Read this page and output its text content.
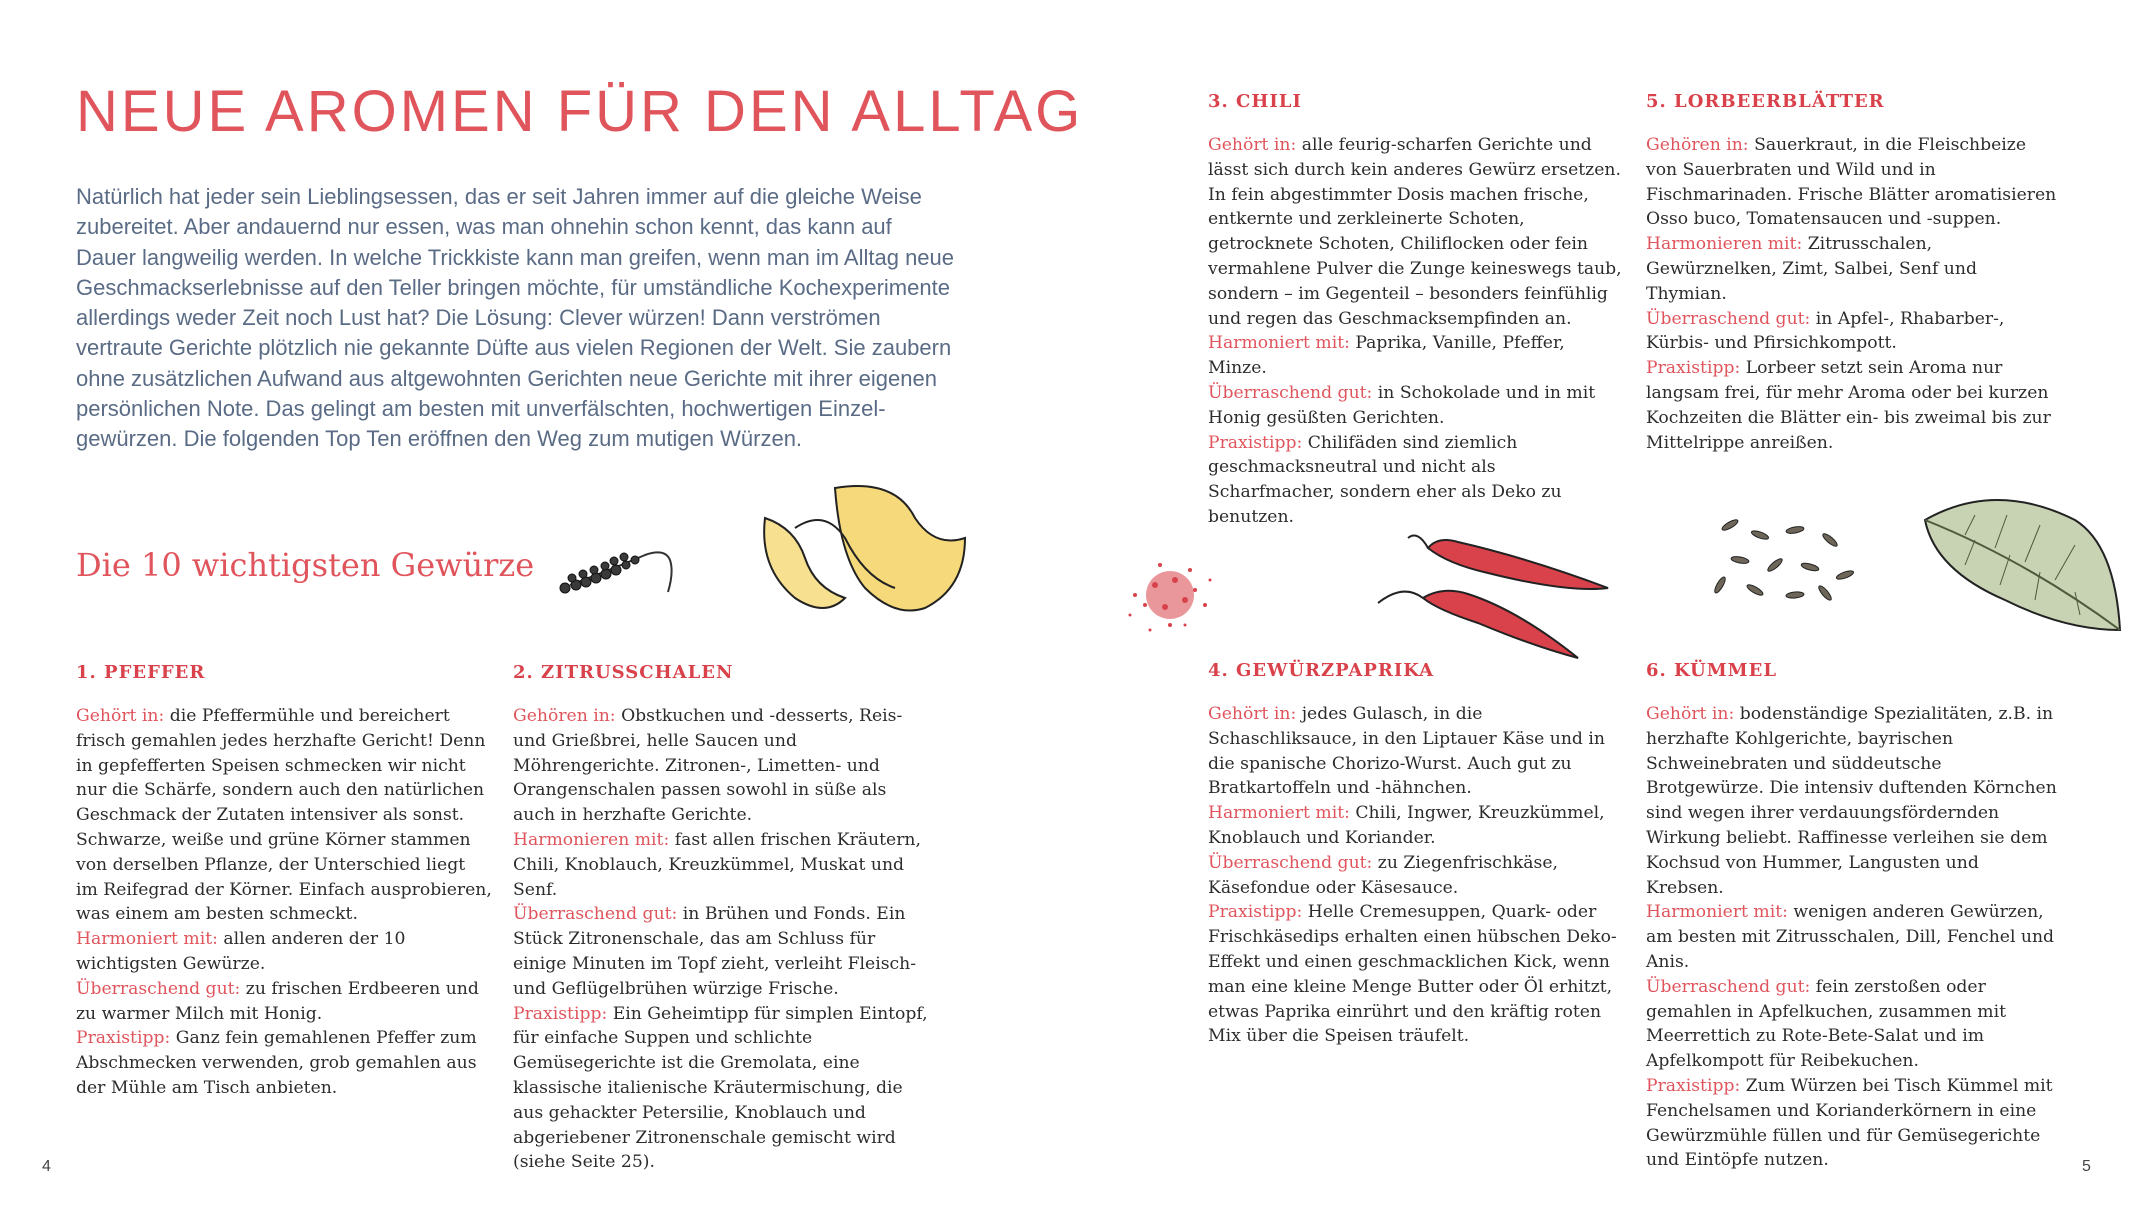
NEUE AROMEN FÜR DEN ALLTAG

Natürlich hat jeder sein Lieblingsessen, das er seit Jahren immer auf die gleiche Weise zubereitet. Aber andauernd nur essen, was man ohnehin schon kennt, das kann auf Dauer langweilig werden. In welche Trickkiste kann man greifen, wenn man im Alltag neue Geschmackserlebnisse auf den Teller bringen möchte, für umständliche Kochexperimente allerdings weder Zeit noch Lust hat? Die Lösung: Clever würzen! Dann verströmen vertraute Gerichte plötzlich nie gekannte Düfte aus vielen Regionen der Welt. Sie zaubern ohne zusätzlichen Aufwand aus altgewohnten Gerichten neue Gerichte mit ihrer eigenen persönlichen Note. Das gelingt am besten mit unverfälschten, hochwertigen Einzelgewürzen. Die folgenden Top Ten eröffnen den Weg zum mutigen Würzen.

Die 10 wichtigsten Gewürze
1. PFEFFER

Gehört in: die Pfeffermühle und bereichert frisch gemahlen jedes herzhafte Gericht! Denn in gepfefferten Speisen schmecken wir nicht nur die Schärfe, sondern auch den natürlichen Geschmack der Zutaten intensiver als sonst. Schwarze, weiße und grüne Körner stammen von derselben Pflanze, der Unterschied liegt im Reifegrad der Körner. Einfach ausprobieren, was einem am besten schmeckt.
Harmoniert mit: allen anderen der 10 wichtigsten Gewürze.
Überraschend gut: zu frischen Erdbeeren und zu warmer Milch mit Honig.
Praxistipp: Ganz fein gemahlenen Pfeffer zum Abschmecken verwenden, grob gemahlen aus der Mühle am Tisch anbieten.

2. ZITRUSSCHALEN

Gehören in: Obstkuchen und -desserts, Reis- und Grießbrei, helle Saucen und Möhrengerichte. Zitronen-, Limetten- und Orangenschalen passen sowohl in süße als auch in herzhafte Gerichte.
Harmonieren mit: fast allen frischen Kräutern, Chili, Knoblauch, Kreuzkümmel, Muskat und Senf.
Überraschend gut: in Brühen und Fonds. Ein Stück Zitronenschale, das am Schluss für einige Minuten im Topf zieht, verleiht Fleisch- und Geflügelbrühen würzige Frische.
Praxistipp: Ein Geheimtipp für simplen Eintopf, für einfache Suppen und schlichte Gemüsegerichte ist die Gremolata, eine klassische italienische Kräutermischung, die aus gehackter Petersilie, Knoblauch und abgeriebener Zitronenschale gemischt wird (siehe Seite 25).

3. CHILI

Gehört in: alle feurig-scharfen Gerichte und lässt sich durch kein anderes Gewürz ersetzen. In fein abgestimmter Dosis machen frische, entkernte und zerkleinerte Schoten, getrocknete Schoten, Chiliflocken oder fein vermahlene Pulver die Zunge keineswegs taub, sondern – im Gegenteil – besonders feinfühlig und regen das Geschmacksempfinden an.
Harmoniert mit: Paprika, Vanille, Pfeffer, Minze.
Überraschend gut: in Schokolade und in mit Honig gesüßten Gerichten.
Praxistipp: Chilifäden sind ziemlich geschmacksneutral und nicht als Scharfmacher, sondern eher als Deko zu benutzen.

4. GEWÜRZPAPRIKA

Gehört in: jedes Gulasch, in die Schaschliksauce, in den Liptauer Käse und in die spanische Chorizo-Wurst. Auch gut zu Bratkartoffeln und -hähnchen.
Harmoniert mit: Chili, Ingwer, Kreuzkümmel, Knoblauch und Koriander.
Überraschend gut: zu Ziegenfrischkäse, Käsefondue oder Käsesauce.
Praxistipp: Helle Cremesuppen, Quark- oder Frischkäsedips erhalten einen hübschen Deko-Effekt und einen geschmacklichen Kick, wenn man eine kleine Menge Butter oder Öl erhitzt, etwas Paprika einrührt und den kräftig roten Mix über die Speisen träufelt.

5. LORBEERBLÄTTER

Gehören in: Sauerkraut, in die Fleischbeize von Sauerbraten und Wild und in Fischmarinaden. Frische Blätter aromatisieren Osso buco, Tomatensaucen und -suppen.
Harmonieren mit: Zitrusschalen, Gewürznelken, Zimt, Salbei, Senf und Thymian.
Überraschend gut: in Apfel-, Rhabarber-, Kürbis- und Pfirsichkompott.
Praxistipp: Lorbeer setzt sein Aroma nur langsam frei, für mehr Aroma oder bei kurzen Kochzeiten die Blätter ein- bis zweimal bis zur Mittelrippe anreißen.

6. KÜMMEL

Gehört in: bodenständige Spezialitäten, z.B. in herzhafte Kohlgerichte, bayrischen Schweinebraten und süddeutsche Brotgewürze. Die intensiv duftenden Körnchen sind wegen ihrer verdauungsfördernden Wirkung beliebt. Raffinesse verleihen sie dem Kochsud von Hummer, Langusten und Krebsen.
Harmoniert mit: wenigen anderen Gewürzen, am besten mit Zitrusschalen, Dill, Fenchel und Anis.
Überraschend gut: fein zerstoßen oder gemahlen in Apfelkuchen, zusammen mit Meerrettich zu Rote-Bete-Salat und im Apfelkompott für Reibekuchen.
Praxistipp: Zum Würzen bei Tisch Kümmel mit Fenchelsamen und Korianderkörnern in eine Gewürzmühle füllen und für Gemüsegerichte und Eintöpfe nutzen.

4	5
